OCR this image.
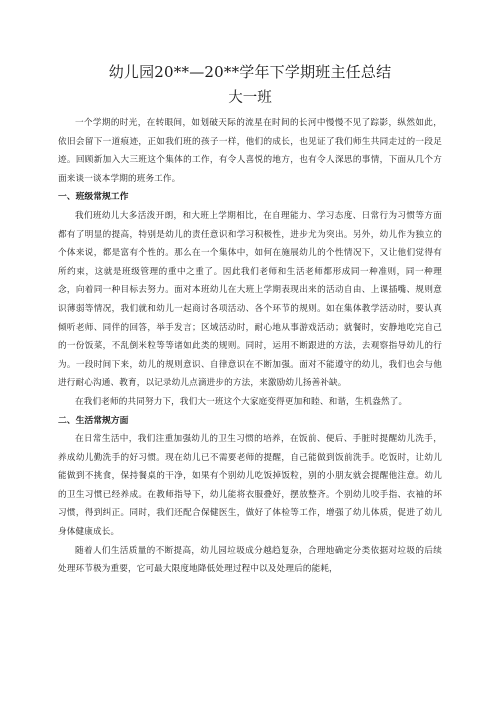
幼儿园20**—20**学年下学期班主任总结
大一班

一个学期的时光，在转眼间，如划破天际的流星在时间的长河中慢慢不见了踪影，纵然如此，依旧会留下一道痕迹，正如我们班的孩子一样，他们的成长，也见证了我们师生共同走过的一段足迹。回顾新加入大三班这个集体的工作，有令人喜悦的地方，也有令人深思的事情，下面从几个方面来谈一谈本学期的班务工作。

一、班级常规工作

我们班幼儿大多活泼开朗，和大班上学期相比，在自理能力、学习态度、日常行为习惯等方面都有了明显的提高，特别是幼儿的责任意识和学习积极性，进步尤为突出。另外，幼儿作为独立的个体来说，都是富有个性的。那么在一个集体中，如何在施展幼儿的个性情况下，又让他们觉得有所约束，这就是班级管理的重中之重了。因此我们老师和生活老师都形成同一种准则，同一种理念，向着同一种目标去努力。面对本班幼儿在大班上学期表现出来的活动自由、上课插嘴、规则意识薄弱等情况，我们就和幼儿一起商讨各项活动、各个环节的规则。如在集体教学活动时，要认真倾听老师、同伴的回答，举手发言；区域活动时，耐心地从事游戏活动；就餐时，安静地吃完自己的一份饭菜，不乱倒米粒等等诸如此类的规则。同时，运用不断跟进的方法，去观察指导幼儿的行为。一段时间下来，幼儿的规则意识、自律意识在不断加强。面对不能遵守的幼儿，我们也会与他进行耐心沟通、教育，以记录幼儿点滴进步的方法，来激励幼儿扬善补缺。

在我们老师的共同努力下，我们大一班这个大家庭变得更加和睦、和谐，生机盎然了。

二、生活常规方面

在日常生活中，我们注重加强幼儿的卫生习惯的培养，在饭前、便后、手脏时提醒幼儿洗手，养成幼儿勤洗手的好习惯。现在幼儿已不需要老师的提醒，自己能做到饭前洗手。吃饭时，让幼儿能做到不挑食，保持餐桌的干净，如果有个别幼儿吃饭掉饭粒，别的小朋友就会提醒他注意。幼儿的卫生习惯已经养成。在教师指导下，幼儿能将衣服叠好，摆放整齐。个别幼儿咬手指、衣袖的坏习惯，得到纠正。同时，我们还配合保健医生，做好了体检等工作，增强了幼儿体质，促进了幼儿身体健康成长。

随着人们生活质量的不断提高，幼儿园垃圾成分越趋复杂，合理地确定分类依据对垃圾的后续处理环节极为重要，它可最大限度地降低处理过程中以及处理后的能耗，
